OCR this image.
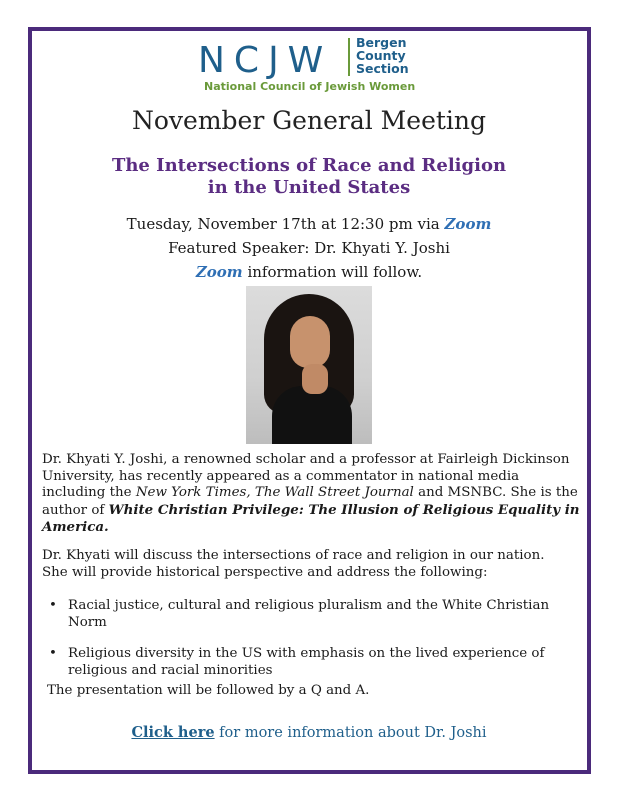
NCJW Bergen
County
Section
National Council of Jewish Women
November General Meeting
The Intersections of Race and Religion
in the United States
Tuesday, November 17th at 12:30 pm via Zoom
Featured Speaker: Dr. Khyati Y. Joshi
Zoom information will follow.
Dr. Khyati Y. Joshi, a renowned scholar and a professor at Fairleigh Dickinson University, has recently appeared as a commentator in national media including the New York Times, The Wall Street Journal and MSNBC. She is the author of White Christian Privilege: The Illusion of Religious Equality in America.
Dr. Khyati will discuss the intersections of race and religion in our nation.
She will provide historical perspective and address the following:
• Racial justice, cultural and religious pluralism and the White Christian Norm
• Religious diversity in the US with emphasis on the lived experience of religious and racial minorities
The presentation will be followed by a Q and A.
Click here for more information about Dr. Joshi
